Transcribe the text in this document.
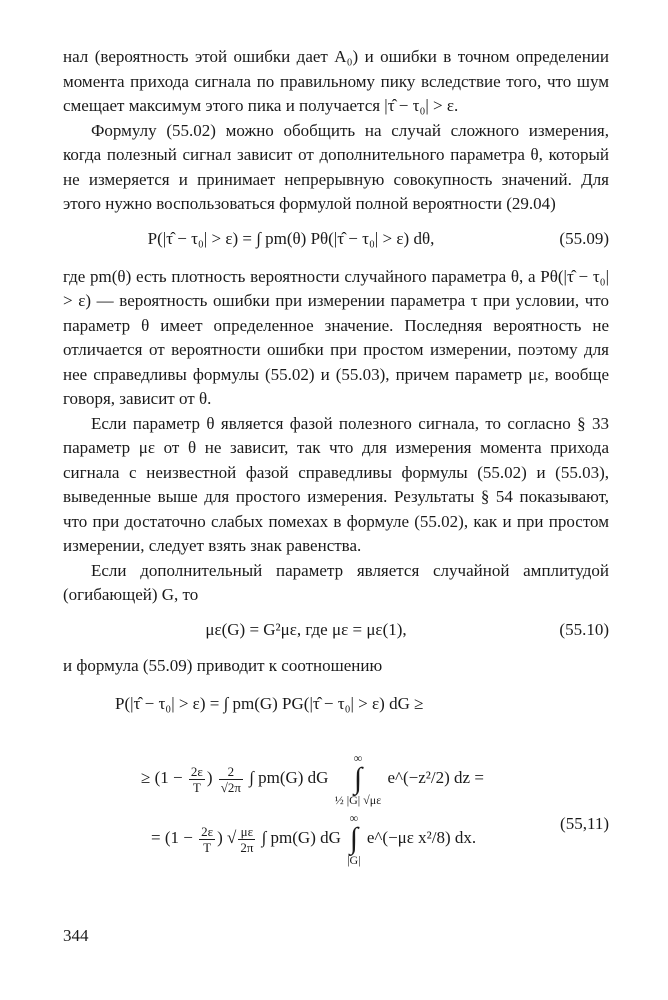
нал (вероятность этой ошибки дает A₀) и ошибки в точном определении момента прихода сигнала по правильному пику вследствие того, что шум смещает максимум этого пика и получается |τ̂ − τ₀| > ε.

Формулу (55.02) можно обобщить на случай сложного измерения, когда полезный сигнал зависит от дополнительного параметра θ, который не измеряется и принимает непрерывную совокупность значений. Для этого нужно воспользоваться формулой полной вероятности (29.04)

P(|τ̂ − τ₀| > ε) = ∫ pm(θ) Pθ(|τ̂ − τ₀| > ε) dθ,	(55.09)

где pm(θ) есть плотность вероятности случайного параметра θ, а Pθ(|τ̂ − τ₀| > ε) — вероятность ошибки при измерении параметра τ при условии, что параметр θ имеет определенное значение. Последняя вероятность не отличается от вероятности ошибки при простом измерении, поэтому для нее справедливы формулы (55.02) и (55.03), причем параметр με, вообще говоря, зависит от θ.

Если параметр θ является фазой полезного сигнала, то согласно § 33 параметр με от θ не зависит, так что для измерения момента прихода сигнала с неизвестной фазой справедливы формулы (55.02) и (55.03), выведенные выше для простого измерения. Результаты § 54 показывают, что при достаточно слабых помехах в формуле (55.02), как и при простом измерении, следует взять знак равенства.

Если дополнительный параметр является случайной амплитудой (огибающей) G, то

με(G) = G²με, где με = με(1),	(55.10)

и формула (55.09) приводит к соотношению

P(|τ̂ − τ₀| > ε) = ∫ pm(G) PG(|τ̂ − τ₀| > ε) dG ≥
≥ ($1 - \frac{2\varepsilon}{T}$ ) $\frac{2}{√2\pi}$ ∫ pm(G) dG
∞
∫
½ |G| √με
e^(−z²/2) dz =
= ($1 - \frac{2\varepsilon}{T}$ ) √ $\frac{\mu\varepsilon}{2\pi}$ ∫ pm(G) dG
∞
∫
|G|
e^(−με x²/8) dx.
(55,11)
344
